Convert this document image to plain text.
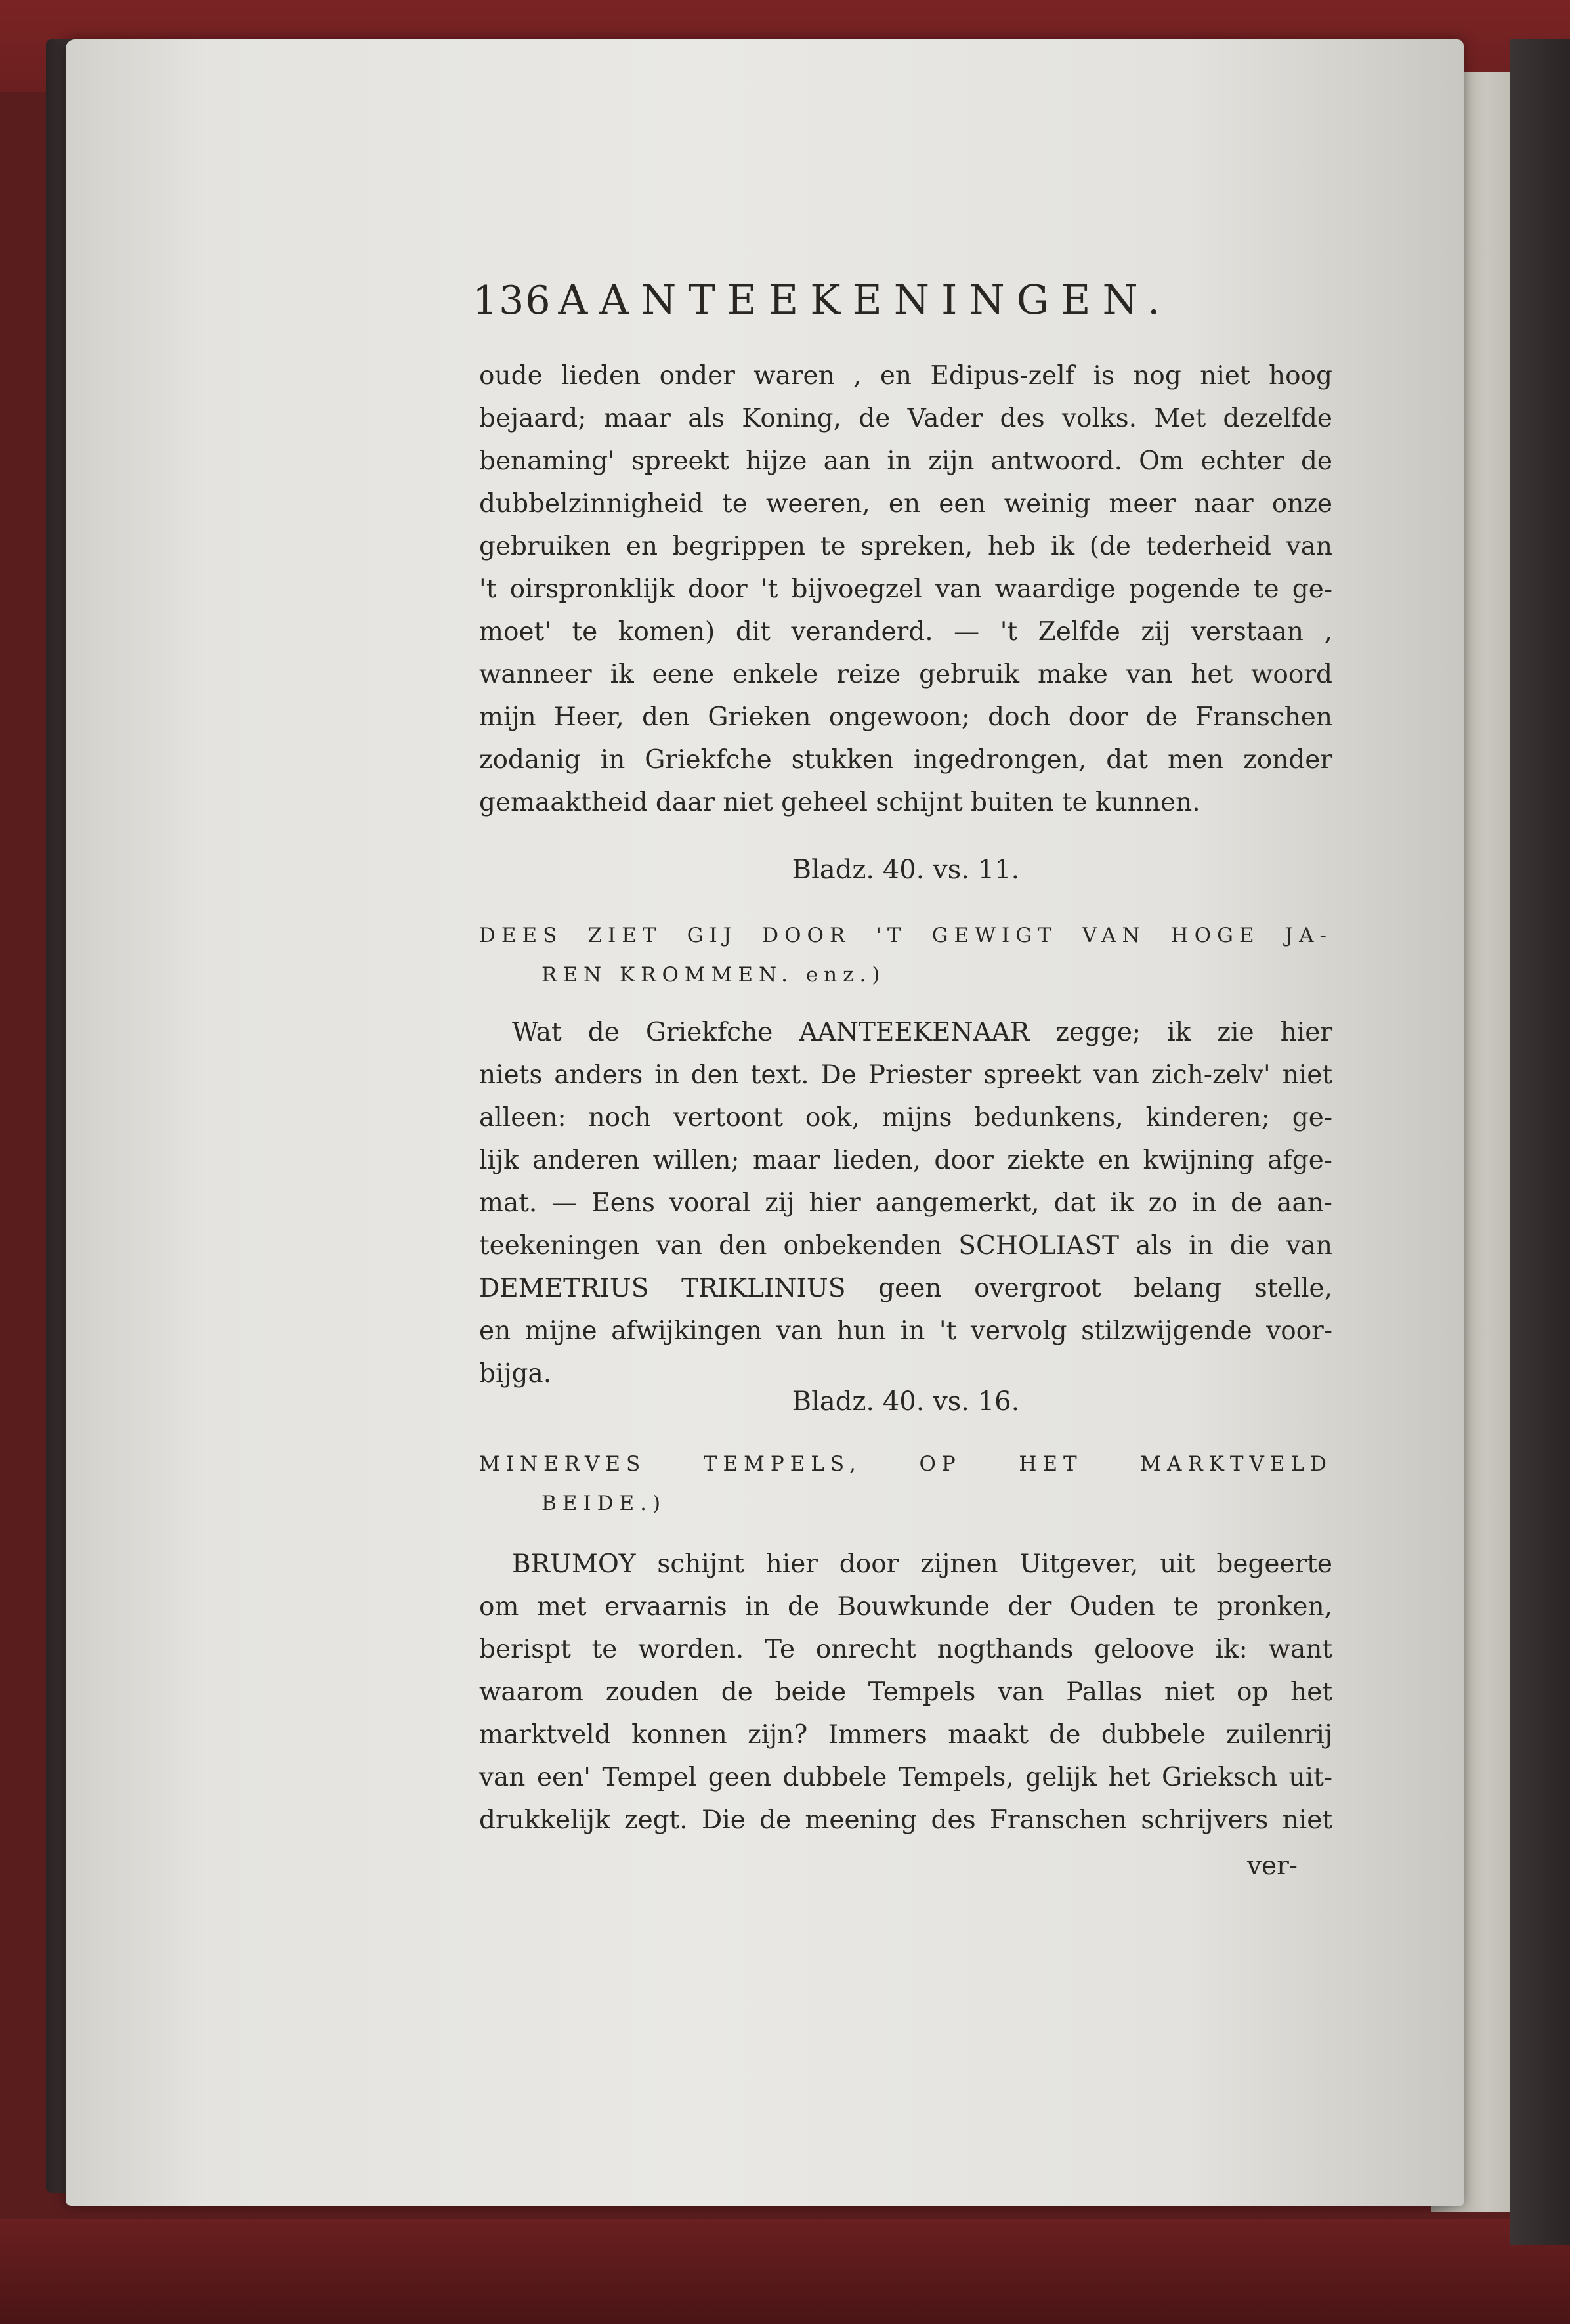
136 AANTEEKENINGEN.
oude lieden onder waren , en Edipus-zelf is nog niet hoog
bejaard; maar als Koning, de Vader des volks. Met dezelfde
benaming' spreekt hijze aan in zijn antwoord. Om echter de
dubbelzinnigheid te weeren, en een weinig meer naar onze
gebruiken en begrippen te spreken, heb ik (de tederheid van
't oirspronklijk door 't bijvoegzel van waardige pogende te ge-
moet' te komen) dit veranderd. — 't Zelfde zij verstaan ,
wanneer ik eene enkele reize gebruik make van het woord
mijn Heer, den Grieken ongewoon; doch door de Franschen
zodanig in Griekfche stukken ingedrongen, dat men zonder
gemaaktheid daar niet geheel schijnt buiten te kunnen.
Bladz. 40. vs. 11.
DEES ZIET GIJ DOOR 'T GEWIGT VAN HOGE JA-
REN KROMMEN. enz.)
Wat de Griekfche AANTEEKENAAR zegge; ik zie hier
niets anders in den text. De Priester spreekt van zich-zelv' niet
alleen: noch vertoont ook, mijns bedunkens, kinderen; ge-
lijk anderen willen; maar lieden, door ziekte en kwijning afge-
mat. — Eens vooral zij hier aangemerkt, dat ik zo in de aan-
teekeningen van den onbekenden SCHOLIAST als in die van
DEMETRIUS TRIKLINIUS geen overgroot belang stelle,
en mijne afwijkingen van hun in 't vervolg stilzwijgende voor-
bijga.
Bladz. 40. vs. 16.
MINERVES TEMPELS, OP HET MARKTVELD
BEIDE.)
BRUMOY schijnt hier door zijnen Uitgever, uit begeerte
om met ervaarnis in de Bouwkunde der Ouden te pronken,
berispt te worden. Te onrecht nogthands geloove ik: want
waarom zouden de beide Tempels van Pallas niet op het
marktveld konnen zijn? Immers maakt de dubbele zuilenrij
van een' Tempel geen dubbele Tempels, gelijk het Grieksch uit-
drukkelijk zegt. Die de meening des Franschen schrijvers niet
ver-
